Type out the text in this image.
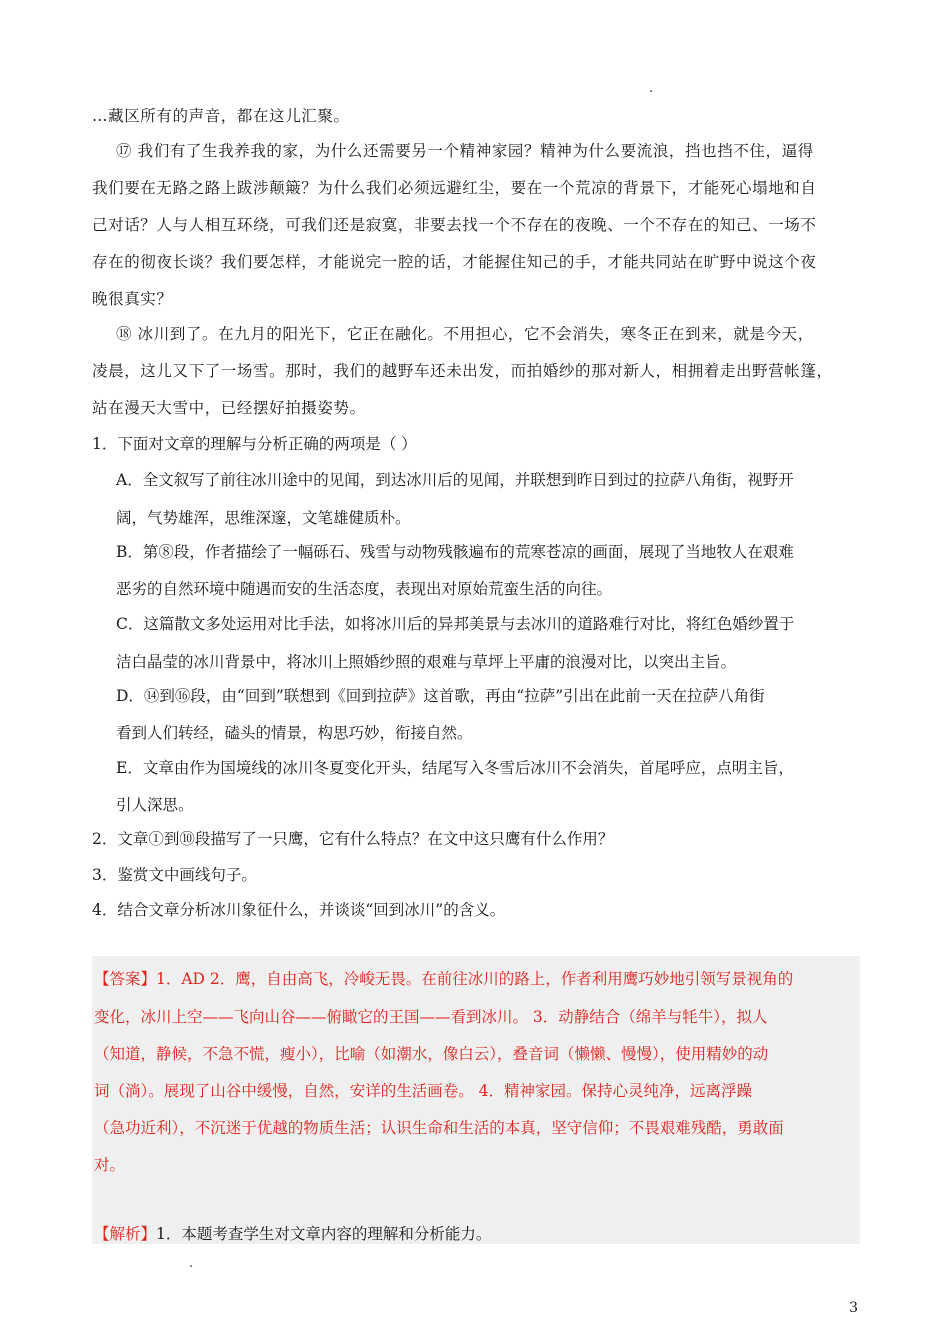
…藏区所有的声音，都在这儿汇聚。
⑰ 我们有了生我养我的家，为什么还需要另一个精神家园？精神为什么要流浪，挡也挡不住，逼得
我们要在无路之路上跋涉颠簸？为什么我们必须远避红尘，要在一个荒凉的背景下，才能死心塌地和自
己对话？人与人相互环绕，可我们还是寂寞，非要去找一个不存在的夜晚、一个不存在的知己、一场不
存在的彻夜长谈？我们要怎样，才能说完一腔的话，才能握住知己的手，才能共同站在旷野中说这个夜
晚很真实？
⑱ 冰川到了。在九月的阳光下，它正在融化。不用担心，它不会消失，寒冬正在到来，就是今天，
凌晨，这儿又下了一场雪。那时，我们的越野车还未出发，而拍婚纱的那对新人，相拥着走出野营帐篷，
站在漫天大雪中，已经摆好拍摄姿势。
1．下面对文章的理解与分析正确的两项是（ ）
A．全文叙写了前往冰川途中的见闻，到达冰川后的见闻，并联想到昨日到过的拉萨八角街，视野开
阔，气势雄浑，思维深邃，文笔雄健质朴。
B．第⑧段，作者描绘了一幅砾石、残雪与动物残骸遍布的荒寒苍凉的画面，展现了当地牧人在艰难
恶劣的自然环境中随遇而安的生活态度，表现出对原始荒蛮生活的向往。
C．这篇散文多处运用对比手法，如将冰川后的异邦美景与去冰川的道路难行对比，将红色婚纱置于
洁白晶莹的冰川背景中，将冰川上照婚纱照的艰难与草坪上平庸的浪漫对比，以突出主旨。
D．⑭到⑯段，由“回到”联想到《回到拉萨》这首歌，再由“拉萨”引出在此前一天在拉萨八角街
看到人们转经，磕头的情景，构思巧妙，衔接自然。
E．文章由作为国境线的冰川冬夏变化开头，结尾写入冬雪后冰川不会消失，首尾呼应，点明主旨，
引人深思。
2．文章①到⑩段描写了一只鹰，它有什么特点？在文中这只鹰有什么作用？
3．鉴赏文中画线句子。
4．结合文章分析冰川象征什么，并谈谈“回到冰川”的含义。
【答案】1．AD 2．鹰，自由高飞，冷峻无畏。在前往冰川的路上，作者利用鹰巧妙地引领写景视角的
变化，冰川上空——飞向山谷——俯瞰它的王国——看到冰川。 3．动静结合（绵羊与牦牛），拟人
（知道，静候，不急不慌，瘦小），比喻（如潮水，像白云），叠音词（懒懒、慢慢），使用精妙的动
词（淌）。展现了山谷中缓慢，自然，安详的生活画卷。 4．精神家园。保持心灵纯净，远离浮躁
（急功近利），不沉迷于优越的物质生活；认识生命和生活的本真，坚守信仰；不畏艰难残酷，勇敢面
对。
【解析】1．本题考查学生对文章内容的理解和分析能力。
3
